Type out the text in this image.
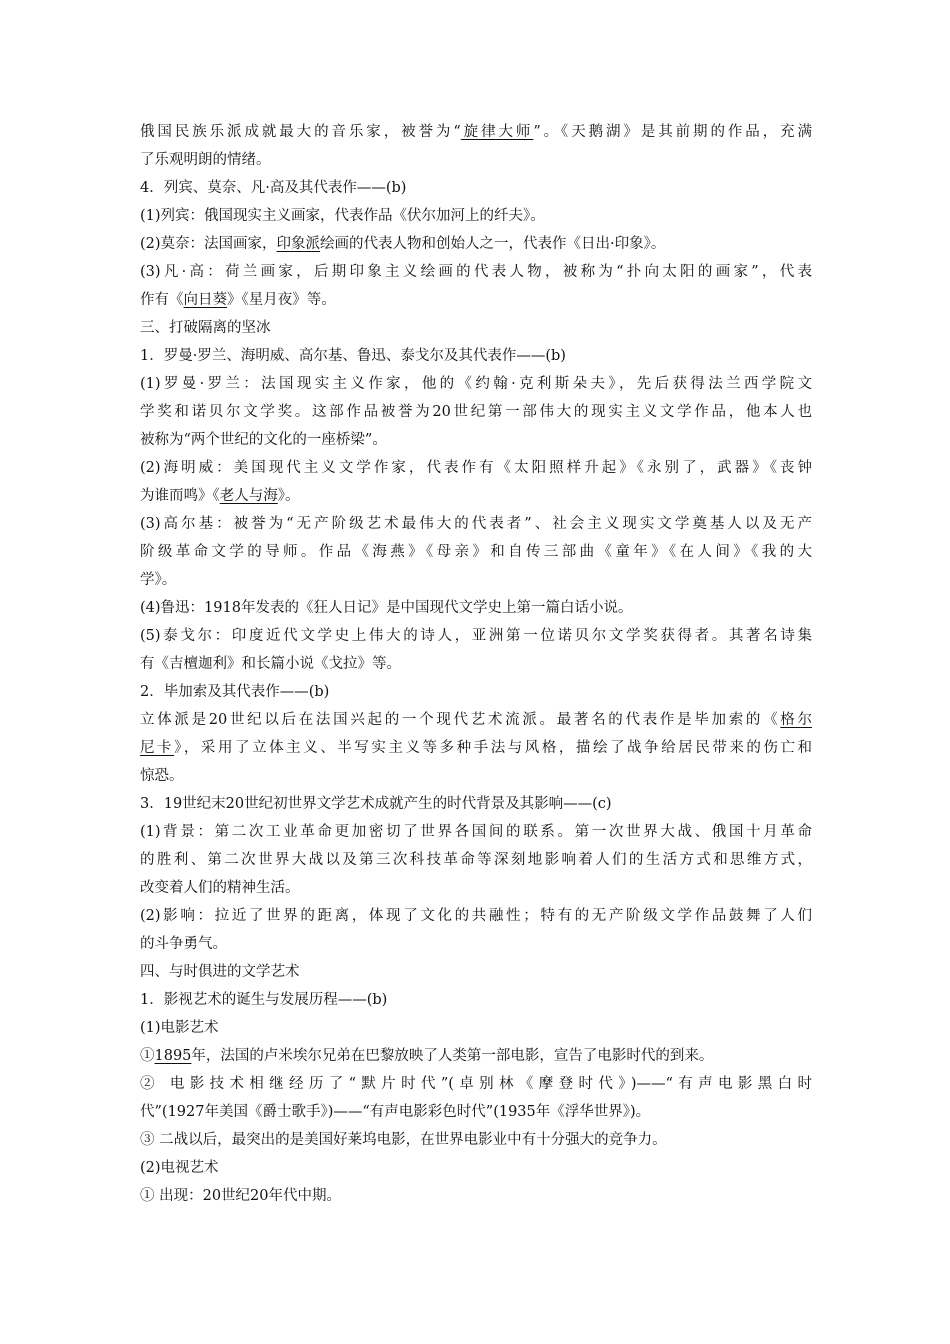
俄国民族乐派成就最大的音乐家，被誉为“旋律大师”。《天鹅湖》是其前期的作品，充满
了乐观明朗的情绪。
4．列宾、莫奈、凡·高及其代表作——(b)
(1)列宾：俄国现实主义画家，代表作品《伏尔加河上的纤夫》。
(2)莫奈：法国画家，印象派绘画的代表人物和创始人之一，代表作《日出·印象》。
(3)凡·高：荷兰画家，后期印象主义绘画的代表人物，被称为“扑向太阳的画家”，代表
作有《向日葵》《星月夜》等。
三、打破隔离的坚冰
1．罗曼·罗兰、海明威、高尔基、鲁迅、泰戈尔及其代表作——(b)
(1)罗曼·罗兰：法国现实主义作家，他的《约翰·克利斯朵夫》，先后获得法兰西学院文
学奖和诺贝尔文学奖。这部作品被誉为20世纪第一部伟大的现实主义文学作品，他本人也
被称为“两个世纪的文化的一座桥梁”。
(2)海明威：美国现代主义文学作家，代表作有《太阳照样升起》《永别了，武器》《丧钟
为谁而鸣》《老人与海》。
(3)高尔基：被誉为“无产阶级艺术最伟大的代表者”、社会主义现实文学奠基人以及无产
阶级革命文学的导师。作品《海燕》《母亲》和自传三部曲《童年》《在人间》《我的大
学》。
(4)鲁迅：1918年发表的《狂人日记》是中国现代文学史上第一篇白话小说。
(5)泰戈尔：印度近代文学史上伟大的诗人，亚洲第一位诺贝尔文学奖获得者。其著名诗集
有《吉檀迦利》和长篇小说《戈拉》等。
2．毕加索及其代表作——(b)
立体派是20世纪以后在法国兴起的一个现代艺术流派。最著名的代表作是毕加索的《格尔
尼卡》，采用了立体主义、半写实主义等多种手法与风格，描绘了战争给居民带来的伤亡和
惊恐。
3．19世纪末20世纪初世界文学艺术成就产生的时代背景及其影响——(c)
(1)背景：第二次工业革命更加密切了世界各国间的联系。第一次世界大战、俄国十月革命
的胜利、第二次世界大战以及第三次科技革命等深刻地影响着人们的生活方式和思维方式，
改变着人们的精神生活。
(2)影响：拉近了世界的距离，体现了文化的共融性；特有的无产阶级文学作品鼓舞了人们
的斗争勇气。
四、与时俱进的文学艺术
1．影视艺术的诞生与发展历程——(b)
(1)电影艺术
①1895年，法国的卢米埃尔兄弟在巴黎放映了人类第一部电影，宣告了电影时代的到来。
② 电影技术相继经历了“默片时代”(卓别林《摩登时代》)——“有声电影黑白时
代”(1927年美国《爵士歌手》)——“有声电影彩色时代”(1935年《浮华世界》)。
③ 二战以后，最突出的是美国好莱坞电影，在世界电影业中有十分强大的竞争力。
(2)电视艺术
① 出现：20世纪20年代中期。
